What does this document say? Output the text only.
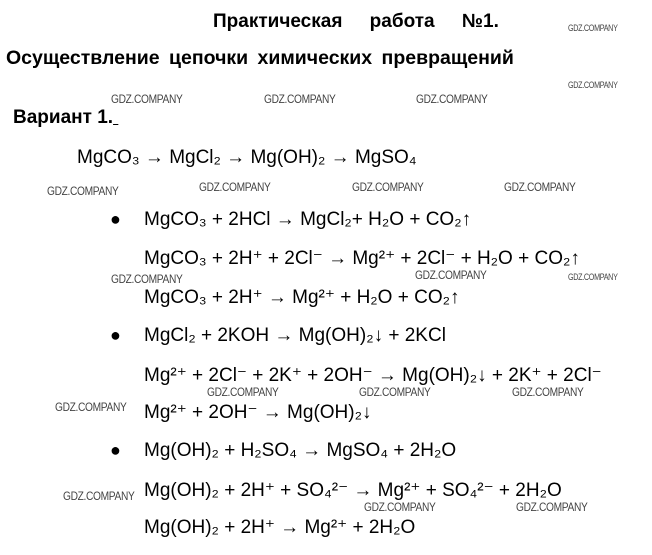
Практическая работа №1.
Осуществление цепочки химических превращений
Вариант 1.
MgCO₃ → MgCl₂ → Mg(OH)₂ → MgSO₄
● MgCO₃ + 2HCl → MgCl₂+ H₂O + CO₂↑
MgCO₃ + 2H⁺ + 2Cl⁻ → Mg²⁺ + 2Cl⁻ + H₂O + CO₂↑
MgCO₃ + 2H⁺ → Mg²⁺ + H₂O + CO₂↑
● MgCl₂ + 2KOH → Mg(OH)₂↓ + 2KCl
Mg²⁺ + 2Cl⁻ + 2K⁺ + 2OH⁻ → Mg(OH)₂↓ + 2K⁺ + 2Cl⁻
Mg²⁺ + 2OH⁻ → Mg(OH)₂↓
● Mg(OH)₂ + H₂SO₄ → MgSO₄ + 2H₂O
Mg(OH)₂ + 2H⁺ + SO₄²⁻ → Mg²⁺ + SO₄²⁻ + 2H₂O
Mg(OH)₂ + 2H⁺ → Mg²⁺ + 2H₂O
GDZ.COMPANY
GDZ.COMPANY
GDZ.COMPANY	GDZ.COMPANY	GDZ.COMPANY
GDZ.COMPANY	GDZ.COMPANY	GDZ.COMPANY	GDZ.COMPANY
GDZ.COMPANY	GDZ.COMPANY	GDZ.COMPANY
GDZ.COMPANY	GDZ.COMPANY	GDZ.COMPANY
GDZ.COMPANY
GDZ.COMPANY
GDZ.COMPANY	GDZ.COMPANY
